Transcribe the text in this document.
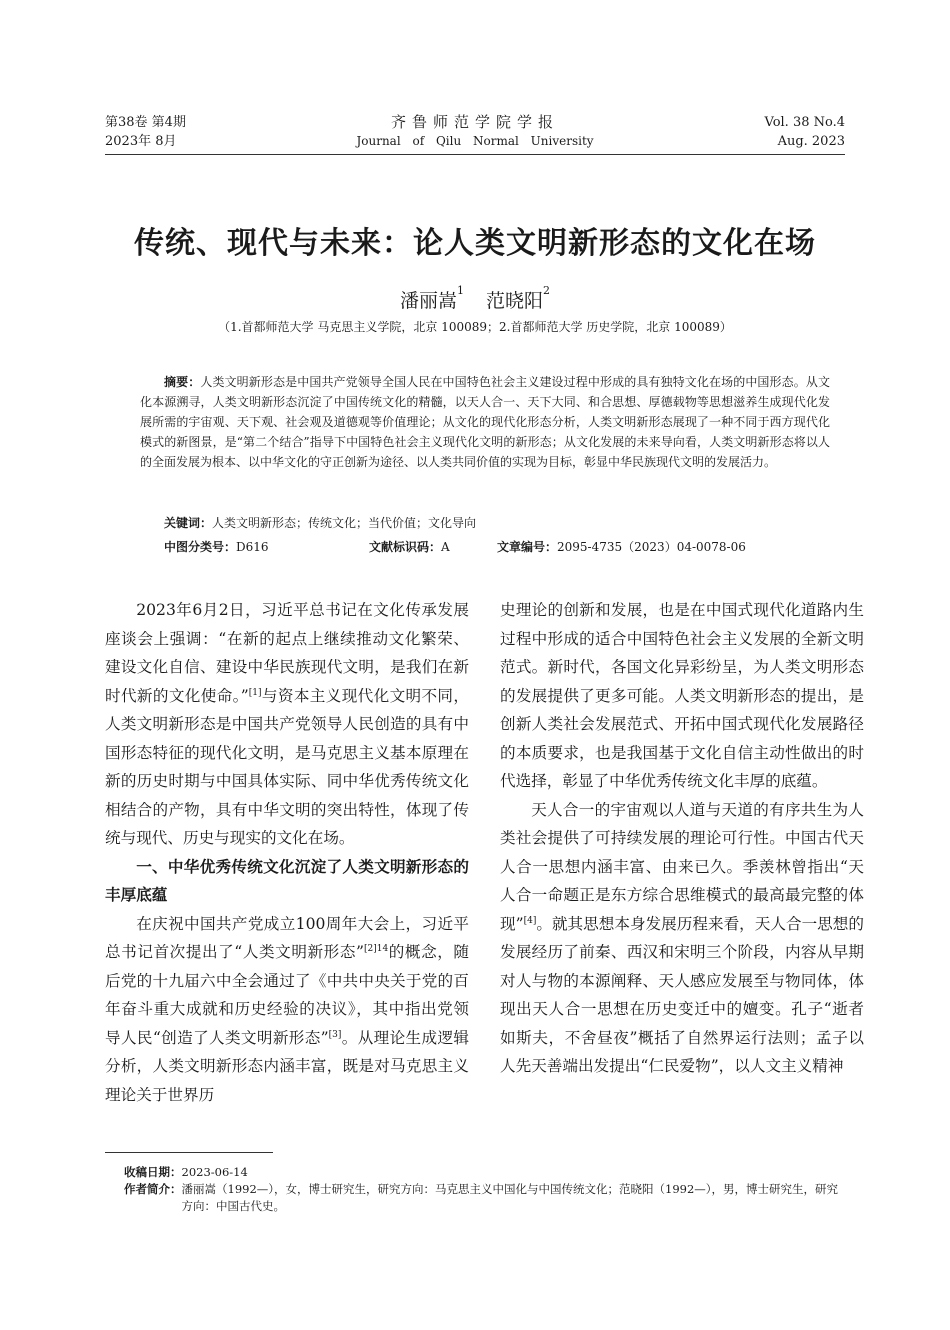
第38卷 第4期
2023年 8月
齐鲁师范学院学报
Journal of Qilu Normal University
Vol. 38 No.4
Aug. 2023
传统、现代与未来：论人类文明新形态的文化在场
潘丽嵩$^1$ 范晓阳$^2$
（1.首都师范大学 马克思主义学院，北京 100089；2.首都师范大学 历史学院，北京 100089）

摘要：人类文明新形态是中国共产党领导全国人民在中国特色社会主义建设过程中形成的具有独特文化在场的中国形态。从文化本源溯寻，人类文明新形态沉淀了中国传统文化的精髓，以天人合一、天下大同、和合思想、厚德载物等思想滋养生成现代化发展所需的宇宙观、天下观、社会观及道德观等价值理论；从文化的现代化形态分析，人类文明新形态展现了一种不同于西方现代化模式的新图景，是“第二个结合”指导下中国特色社会主义现代化文明的新形态；从文化发展的未来导向看，人类文明新形态将以人的全面发展为根本、以中华文化的守正创新为途径、以人类共同价值的实现为目标，彰显中华民族现代文明的发展活力。

关键词：人类文明新形态；传统文化；当代价值；文化导向
中图分类号：D616	文献标识码：A	文章编号：2095-4735（2023）04-0078-06

2023年6月2日，习近平总书记在文化传承发展座谈会上强调：“在新的起点上继续推动文化繁荣、建设文化自信、建设中华民族现代文明，是我们在新时代新的文化使命。”[1]与资本主义现代化文明不同，人类文明新形态是中国共产党领导人民创造的具有中国形态特征的现代化文明，是马克思主义基本原理在新的历史时期与中国具体实际、同中华优秀传统文化相结合的产物，具有中华文明的突出特性，体现了传统与现代、历史与现实的文化在场。

一、中华优秀传统文化沉淀了人类文明新形态的丰厚底蕴

在庆祝中国共产党成立100周年大会上，习近平总书记首次提出了“人类文明新形态”$^{[2]14}$的概念，随后党的十九届六中全会通过了《中共中央关于党的百年奋斗重大成就和历史经验的决议》，其中指出党领导人民“创造了人类文明新形态”[3]。从理论生成逻辑分析，人类文明新形态内涵丰富，既是对马克思主义理论关于世界历

史理论的创新和发展，也是在中国式现代化道路内生过程中形成的适合中国特色社会主义发展的全新文明范式。新时代，各国文化异彩纷呈，为人类文明形态的发展提供了更多可能。人类文明新形态的提出，是创新人类社会发展范式、开拓中国式现代化发展路径的本质要求，也是我国基于文化自信主动性做出的时代选择，彰显了中华优秀传统文化丰厚的底蕴。

天人合一的宇宙观以人道与天道的有序共生为人类社会提供了可持续发展的理论可行性。中国古代天人合一思想内涵丰富、由来已久。季羡林曾指出“天人合一命题正是东方综合思维模式的最高最完整的体现”[4]。就其思想本身发展历程来看，天人合一思想的发展经历了前秦、西汉和宋明三个阶段，内容从早期对人与物的本源阐释、天人感应发展至与物同体，体现出天人合一思想在历史变迁中的嬗变。孔子“逝者如斯夫，不舍昼夜”概括了自然界运行法则；孟子以人先天善端出发提出“仁民爱物”，以人文主义精神

收稿日期： 2023-06-14
作者简介： 潘丽嵩（1992—），女，博士研究生，研究方向：马克思主义中国化与中国传统文化；范晓阳（1992—），男，博士研究生，研究方向：中国古代史。
